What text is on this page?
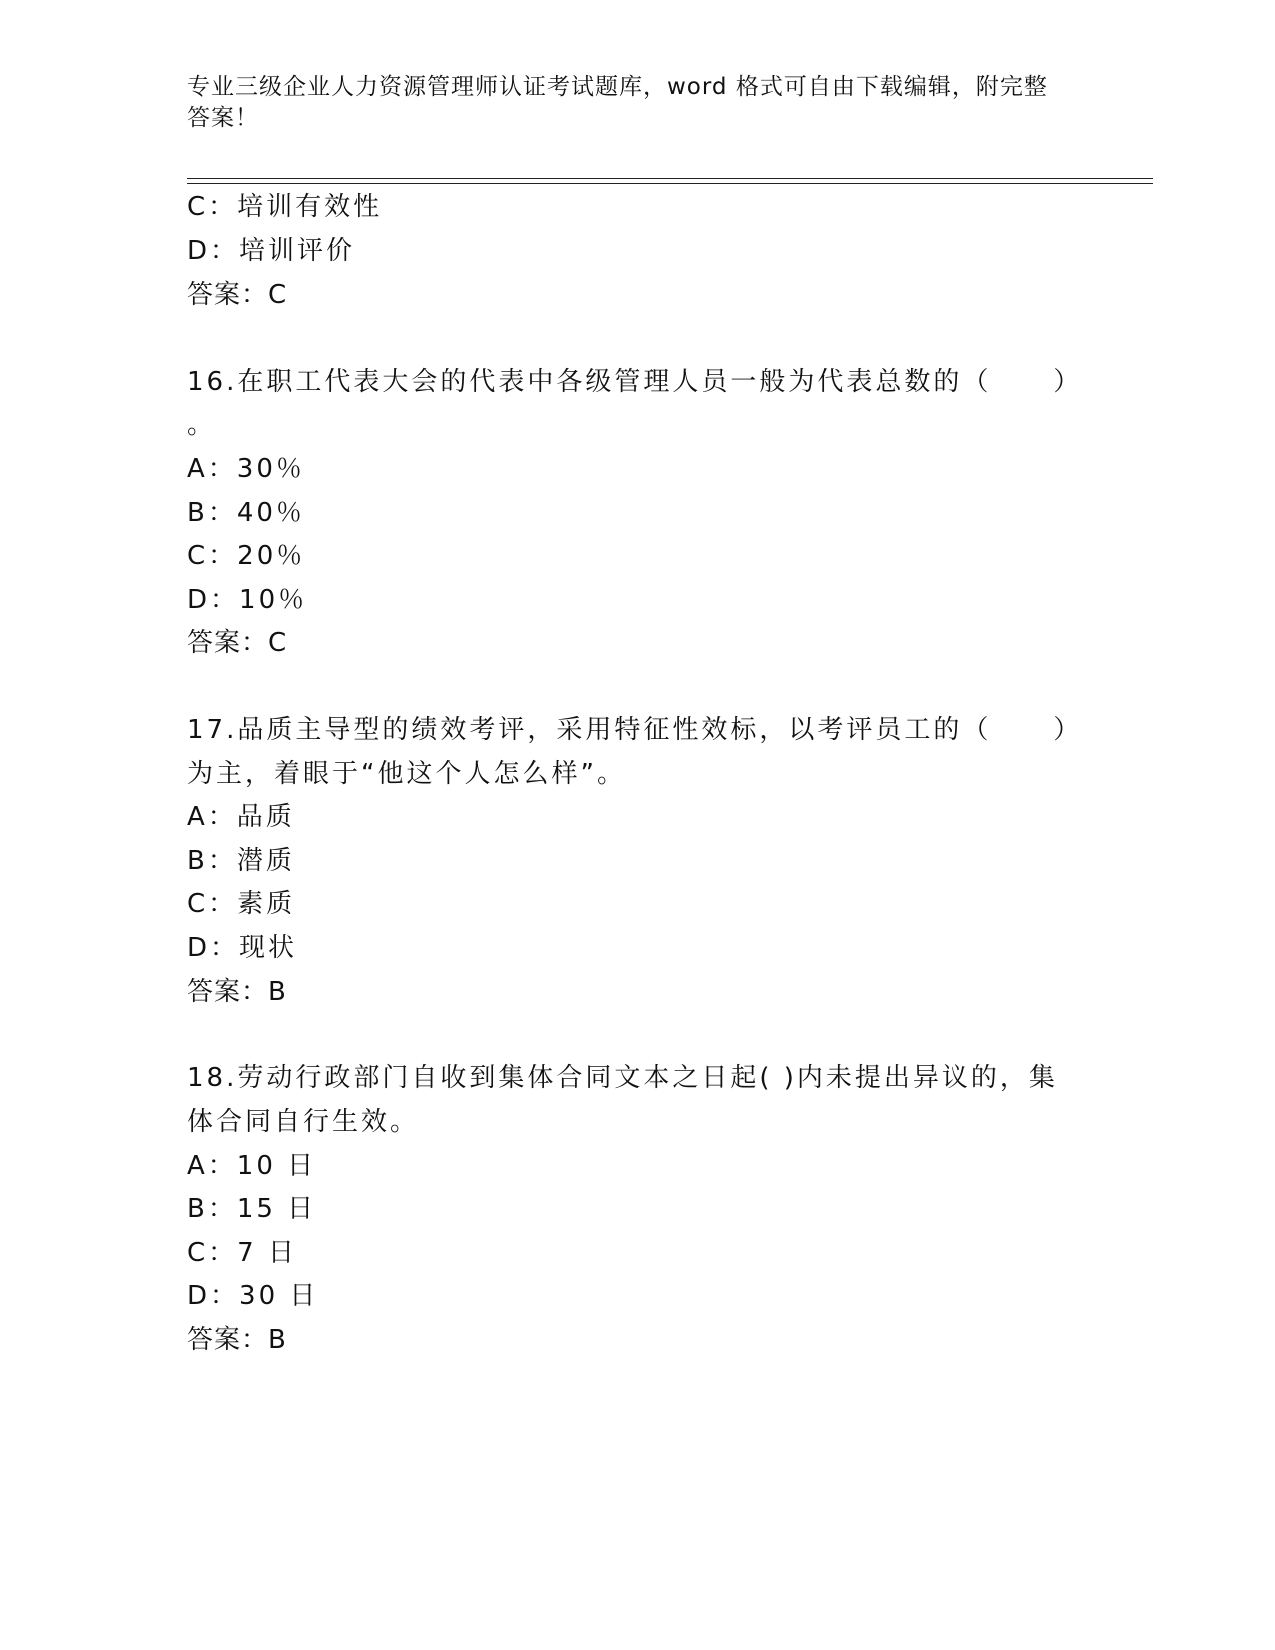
专业三级企业人力资源管理师认证考试题库，word 格式可自由下载编辑，附完整
答案！
C：培训有效性
D：培训评价
答案：C
16.在职工代表大会的代表中各级管理人员一般为代表总数的（ ）
。
A：30％
B：40％
C：20％
D：10％
答案：C
17.品质主导型的绩效考评，采用特征性效标，以考评员工的（ ）
为主，着眼于“他这个人怎么样”。
A：品质
B：潜质
C：素质
D：现状
答案：B
18.劳动行政部门自收到集体合同文本之日起( )内未提出异议的，集
体合同自行生效。
A：10 日
B：15 日
C：7 日
D：30 日
答案：B
